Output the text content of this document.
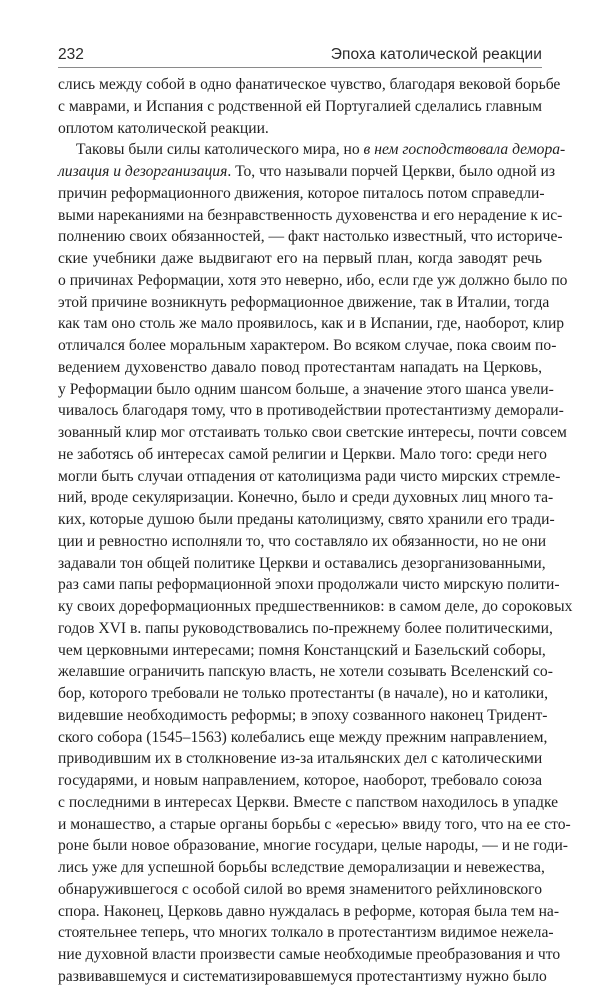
232	Эпоха католической реакции
слись между собой в одно фанатическое чувство, благодаря вековой борьбе
с маврами, и Испания с родственной ей Португалией сделались главным
оплотом католической реакции.
Таковы были силы католического мира, но в нем господствовала демора-
лизация и дезорганизация. То, что называли порчей Церкви, было одной из
причин реформационного движения, которое питалось потом справедли-
выми нареканиями на безнравственность духовенства и его нерадение к ис-
полнению своих обязанностей, — факт настолько известный, что историче-
ские учебники даже выдвигают его на первый план, когда заводят речь
о причинах Реформации, хотя это неверно, ибо, если где уж должно было по
этой причине возникнуть реформационное движение, так в Италии, тогда
как там оно столь же мало проявилось, как и в Испании, где, наоборот, клир
отличался более моральным характером. Во всяком случае, пока своим по-
ведением духовенство давало повод протестантам нападать на Церковь,
у Реформации было одним шансом больше, а значение этого шанса увели-
чивалось благодаря тому, что в противодействии протестантизму деморали-
зованный клир мог отстаивать только свои светские интересы, почти совсем
не заботясь об интересах самой религии и Церкви. Мало того: среди него
могли быть случаи отпадения от католицизма ради чисто мирских стремле-
ний, вроде секуляризации. Конечно, было и среди духовных лиц много та-
ких, которые душою были преданы католицизму, свято хранили его тради-
ции и ревностно исполняли то, что составляло их обязанности, но не они
задавали тон общей политике Церкви и оставались дезорганизованными,
раз сами папы реформационной эпохи продолжали чисто мирскую полити-
ку своих дореформационных предшественников: в самом деле, до сороковых
годов XVI в. папы руководствовались по-прежнему более политическими,
чем церковными интересами; помня Констанцский и Базельский соборы,
желавшие ограничить папскую власть, не хотели созывать Вселенский со-
бор, которого требовали не только протестанты (в начале), но и католики,
видевшие необходимость реформы; в эпоху созванного наконец Тридент-
ского собора (1545–1563) колебались еще между прежним направлением,
приводившим их в столкновение из-за итальянских дел с католическими
государями, и новым направлением, которое, наоборот, требовало союза
с последними в интересах Церкви. Вместе с папством находилось в упадке
и монашество, а старые органы борьбы с «ересью» ввиду того, что на ее сто-
роне были новое образование, многие государи, целые народы, — и не годи-
лись уже для успешной борьбы вследствие деморализации и невежества,
обнаружившегося с особой силой во время знаменитого рейхлиновского
спора. Наконец, Церковь давно нуждалась в реформе, которая была тем на-
стоятельнее теперь, что многих толкало в протестантизм видимое нежела-
ние духовной власти произвести самые необходимые преобразования и что
развивавшемуся и систематизировавшемуся протестантизму нужно было
